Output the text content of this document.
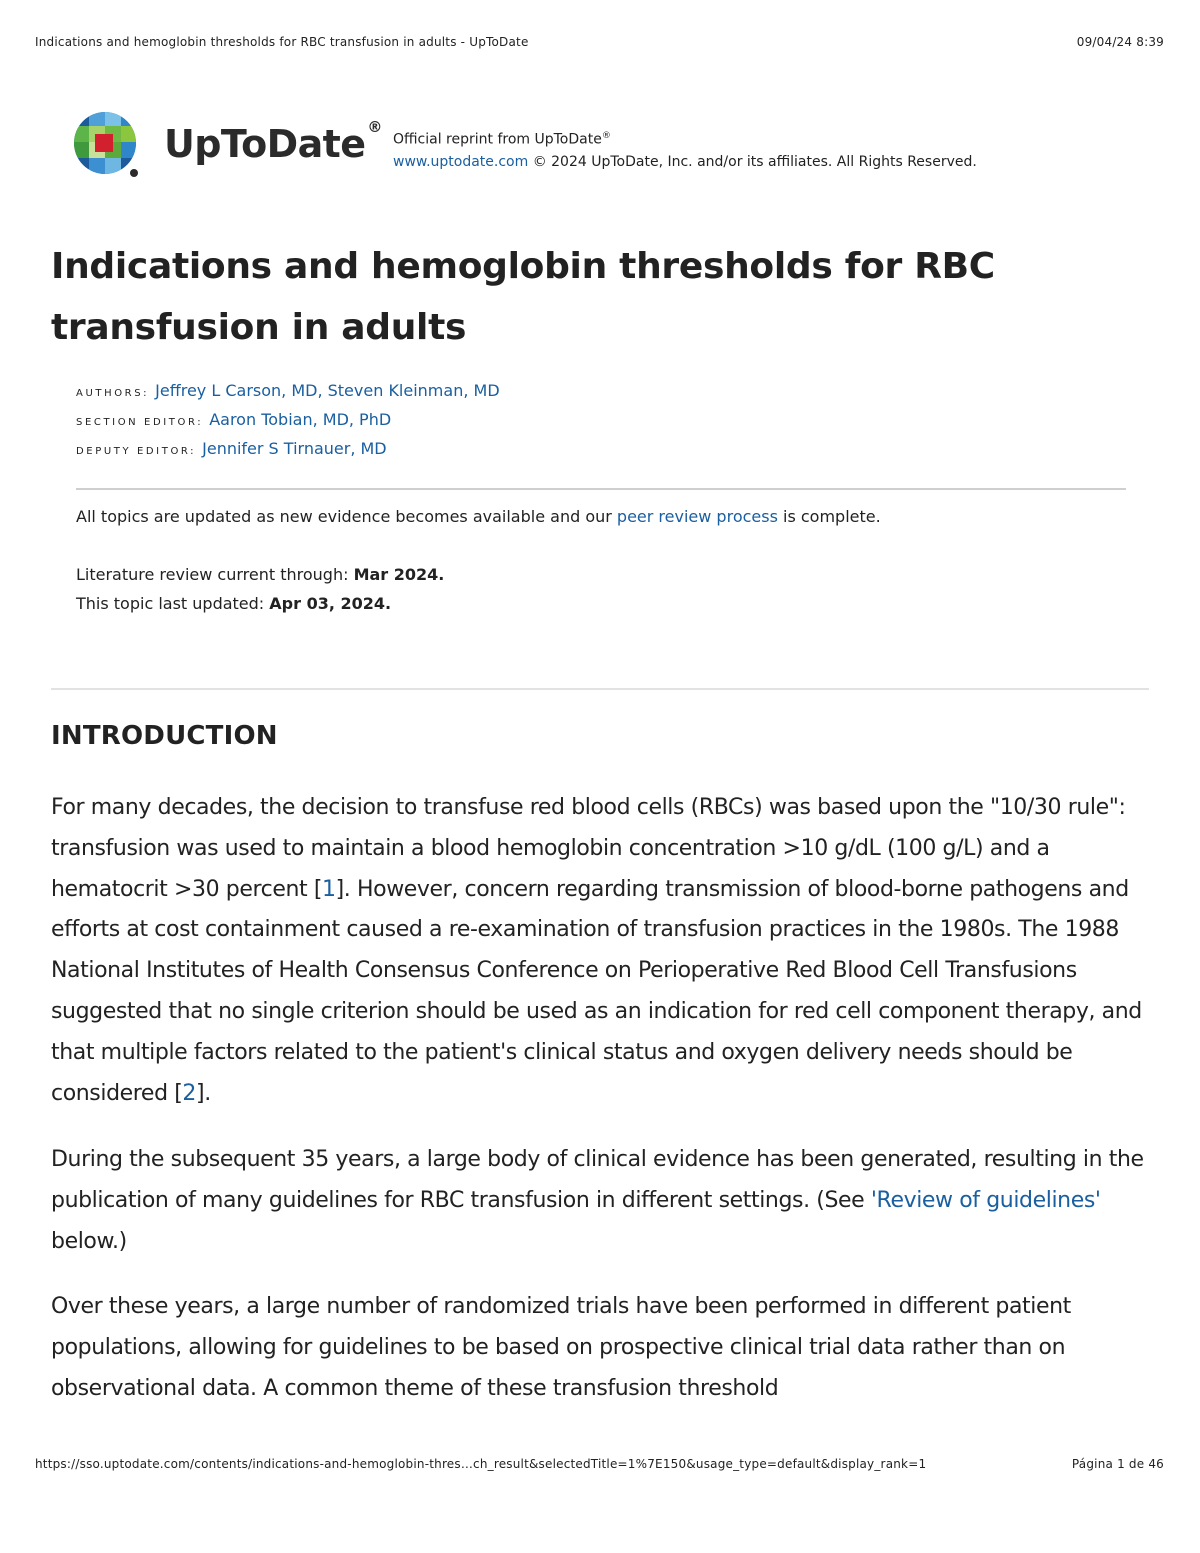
Indications and hemoglobin thresholds for RBC transfusion in adults - UpToDate	09/04/24 8:39
UpToDate ®
Official reprint from UpToDate®
www.uptodate.com © 2024 UpToDate, Inc. and/or its affiliates. All Rights Reserved.
Indications and hemoglobin thresholds for RBC
transfusion in adults
AUTHORS: Jeffrey L Carson, MD, Steven Kleinman, MD
SECTION EDITOR: Aaron Tobian, MD, PhD
DEPUTY EDITOR: Jennifer S Tirnauer, MD
All topics are updated as new evidence becomes available and our peer review process is complete.
Literature review current through: Mar 2024.
This topic last updated: Apr 03, 2024.
INTRODUCTION

For many decades, the decision to transfuse red blood cells (RBCs) was based upon the "10/30 rule": transfusion was used to maintain a blood hemoglobin concentration >10 g/dL (100 g/L) and a hematocrit >30 percent [1]. However, concern regarding transmission of blood-borne pathogens and efforts at cost containment caused a re-examination of transfusion practices in the 1980s. The 1988 National Institutes of Health Consensus Conference on Perioperative Red Blood Cell Transfusions suggested that no single criterion should be used as an indication for red cell component therapy, and that multiple factors related to the patient's clinical status and oxygen delivery needs should be considered [2].

During the subsequent 35 years, a large body of clinical evidence has been generated, resulting in the publication of many guidelines for RBC transfusion in different settings. (See 'Review of guidelines' below.)

Over these years, a large number of randomized trials have been performed in different patient populations, allowing for guidelines to be based on prospective clinical trial data rather than on observational data. A common theme of these transfusion threshold

https://sso.uptodate.com/contents/indications-and-hemoglobin-thres…ch_result&selectedTitle=1%7E150&usage_type=default&display_rank=1	Página 1 de 46
